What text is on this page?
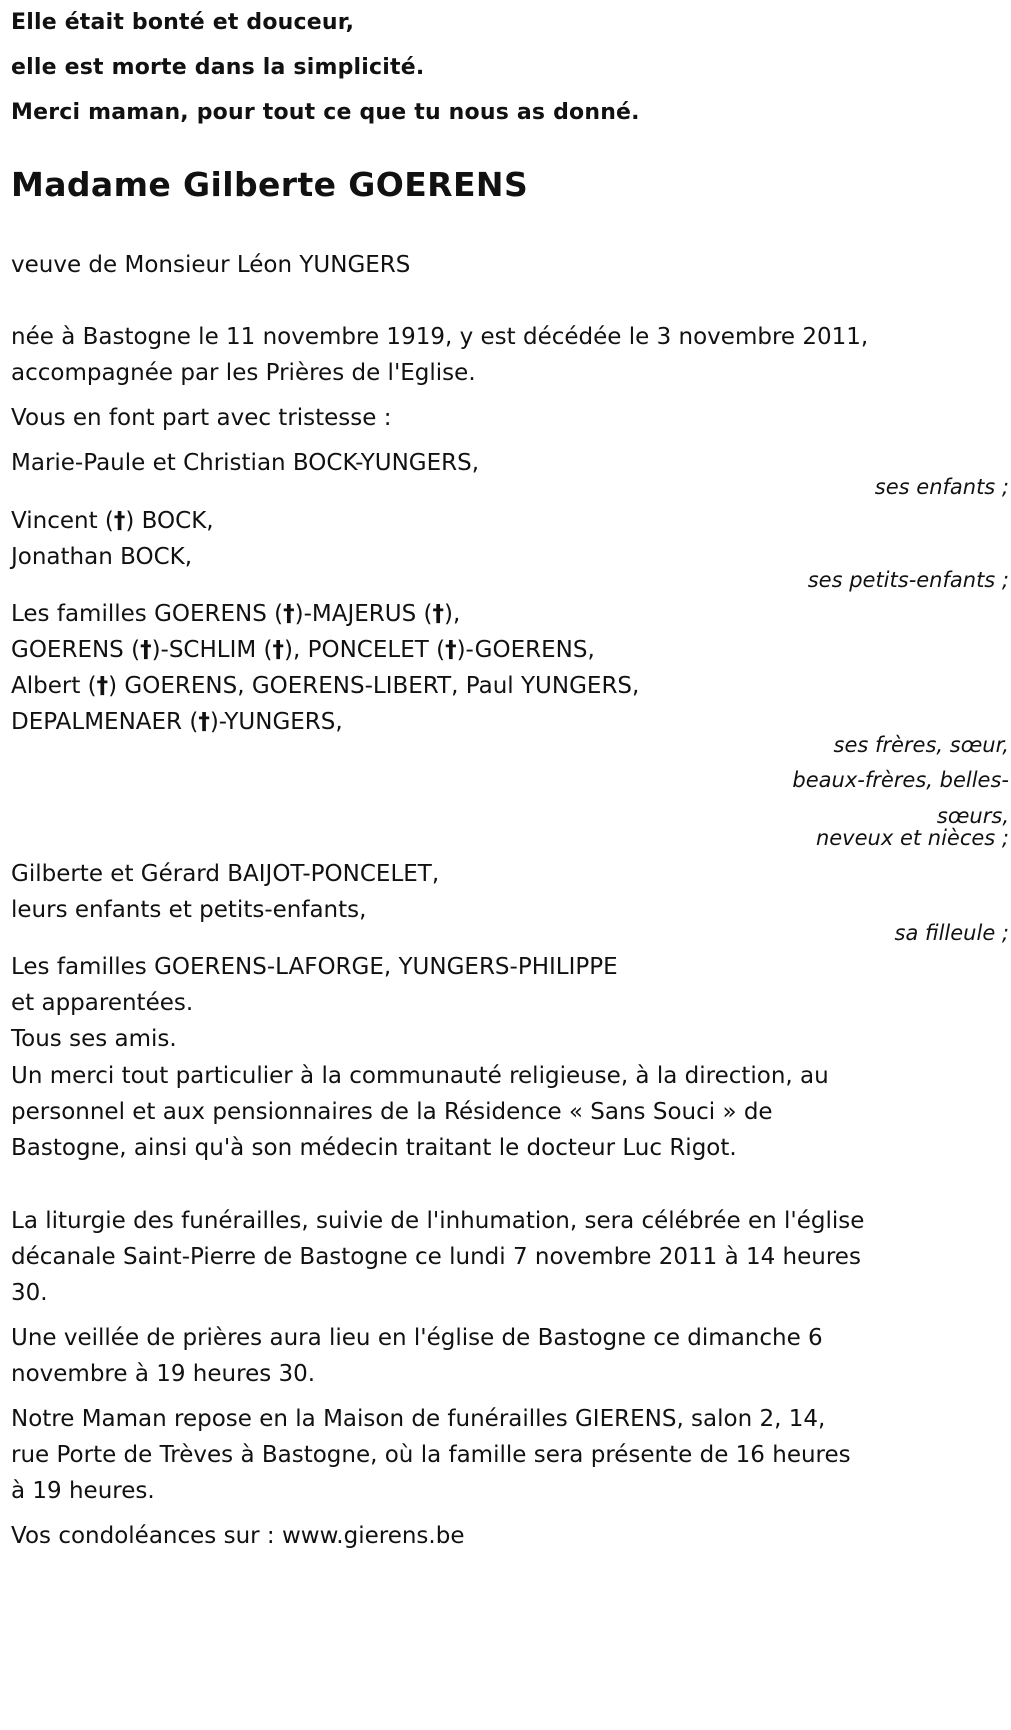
Elle était bonté et douceur,

elle est morte dans la simplicité.

Merci maman, pour tout ce que tu nous as donné.

Madame Gilberte GOERENS

veuve de Monsieur Léon YUNGERS

née à Bastogne le 11 novembre 1919, y est décédée le 3 novembre 2011,

accompagnée par les Prières de l'Eglise.

Vous en font part avec tristesse :

Marie-Paule et Christian BOCK-YUNGERS,

ses enfants ;

Vincent (†) BOCK,

Jonathan BOCK,

ses petits-enfants ;

Les familles GOERENS (†)-MAJERUS (†),

GOERENS (†)-SCHLIM (†), PONCELET (†)-GOERENS,

Albert (†) GOERENS, GOERENS-LIBERT, Paul YUNGERS,

DEPALMENAER (†)-YUNGERS,

ses frères, sœur,

beaux-frères, belles-

sœurs,

neveux et nièces ;

Gilberte et Gérard BAIJOT-PONCELET,

leurs enfants et petits-enfants,

sa filleule ;

Les familles GOERENS-LAFORGE, YUNGERS-PHILIPPE

et apparentées.

Tous ses amis.

Un merci tout particulier à la communauté religieuse, à la direction, au

personnel et aux pensionnaires de la Résidence « Sans Souci » de

Bastogne, ainsi qu'à son médecin traitant le docteur Luc Rigot.

La liturgie des funérailles, suivie de l'inhumation, sera célébrée en l'église

décanale Saint-Pierre de Bastogne ce lundi 7 novembre 2011 à 14 heures

30.

Une veillée de prières aura lieu en l'église de Bastogne ce dimanche 6

novembre à 19 heures 30.

Notre Maman repose en la Maison de funérailles GIERENS, salon 2, 14,

rue Porte de Trèves à Bastogne, où la famille sera présente de 16 heures

à 19 heures.

Vos condoléances sur : www.gierens.be
